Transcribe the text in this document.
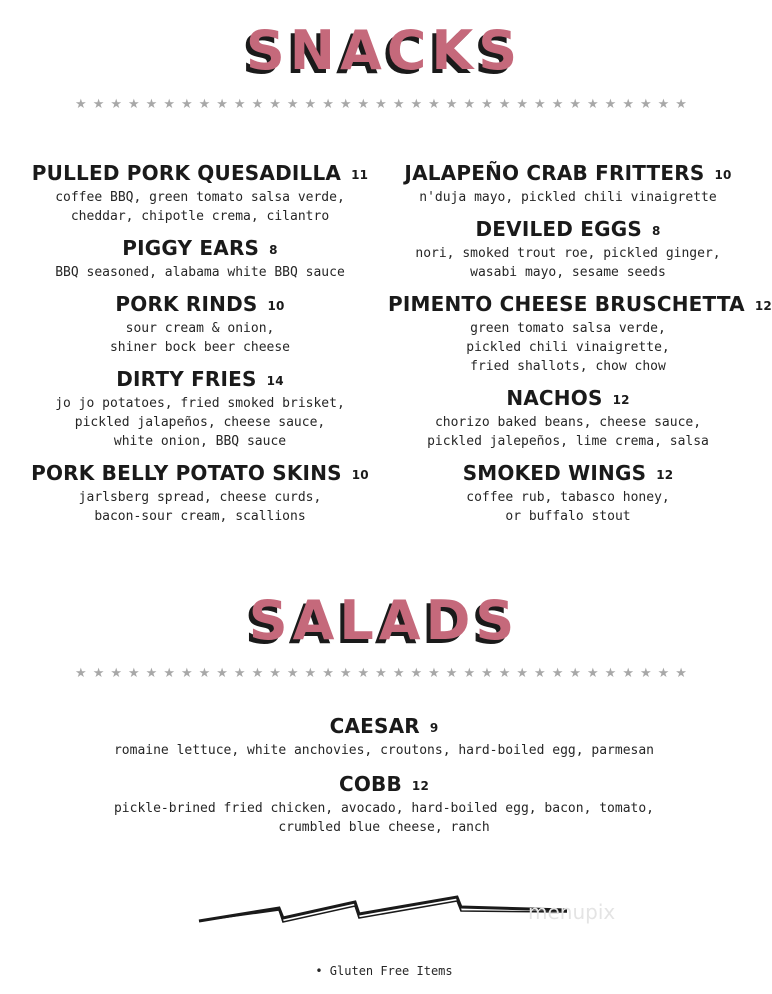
SNACKS
★★★★★★★★★★★★★★★★★★★★★★★★★★★★★★★★★★★
PULLED PORK QUESADILLA 11
coffee BBQ, green tomato salsa verde,
cheddar, chipotle crema, cilantro
PIGGY EARS 8
BBQ seasoned, alabama white BBQ sauce
PORK RINDS 10
sour cream & onion,
shiner bock beer cheese
DIRTY FRIES 14
jo jo potatoes, fried smoked brisket,
pickled jalapeños, cheese sauce,
white onion, BBQ sauce
PORK BELLY POTATO SKINS 10
jarlsberg spread, cheese curds,
bacon-sour cream, scallions
JALAPEÑO CRAB FRITTERS 10
n'duja mayo, pickled chili vinaigrette
DEVILED EGGS 8
nori, smoked trout roe, pickled ginger,
wasabi mayo, sesame seeds
PIMENTO CHEESE BRUSCHETTA 12
green tomato salsa verde,
pickled chili vinaigrette,
fried shallots, chow chow
NACHOS 12
chorizo baked beans, cheese sauce,
pickled jalepeños, lime crema, salsa
SMOKED WINGS 12
coffee rub, tabasco honey,
or buffalo stout
SALADS
★★★★★★★★★★★★★★★★★★★★★★★★★★★★★★★★★★★
CAESAR 9
romaine lettuce, white anchovies, croutons, hard-boiled egg, parmesan
COBB 12
pickle-brined fried chicken, avocado, hard-boiled egg, bacon, tomato,
crumbled blue cheese, ranch
menupix
• Gluten Free Items
